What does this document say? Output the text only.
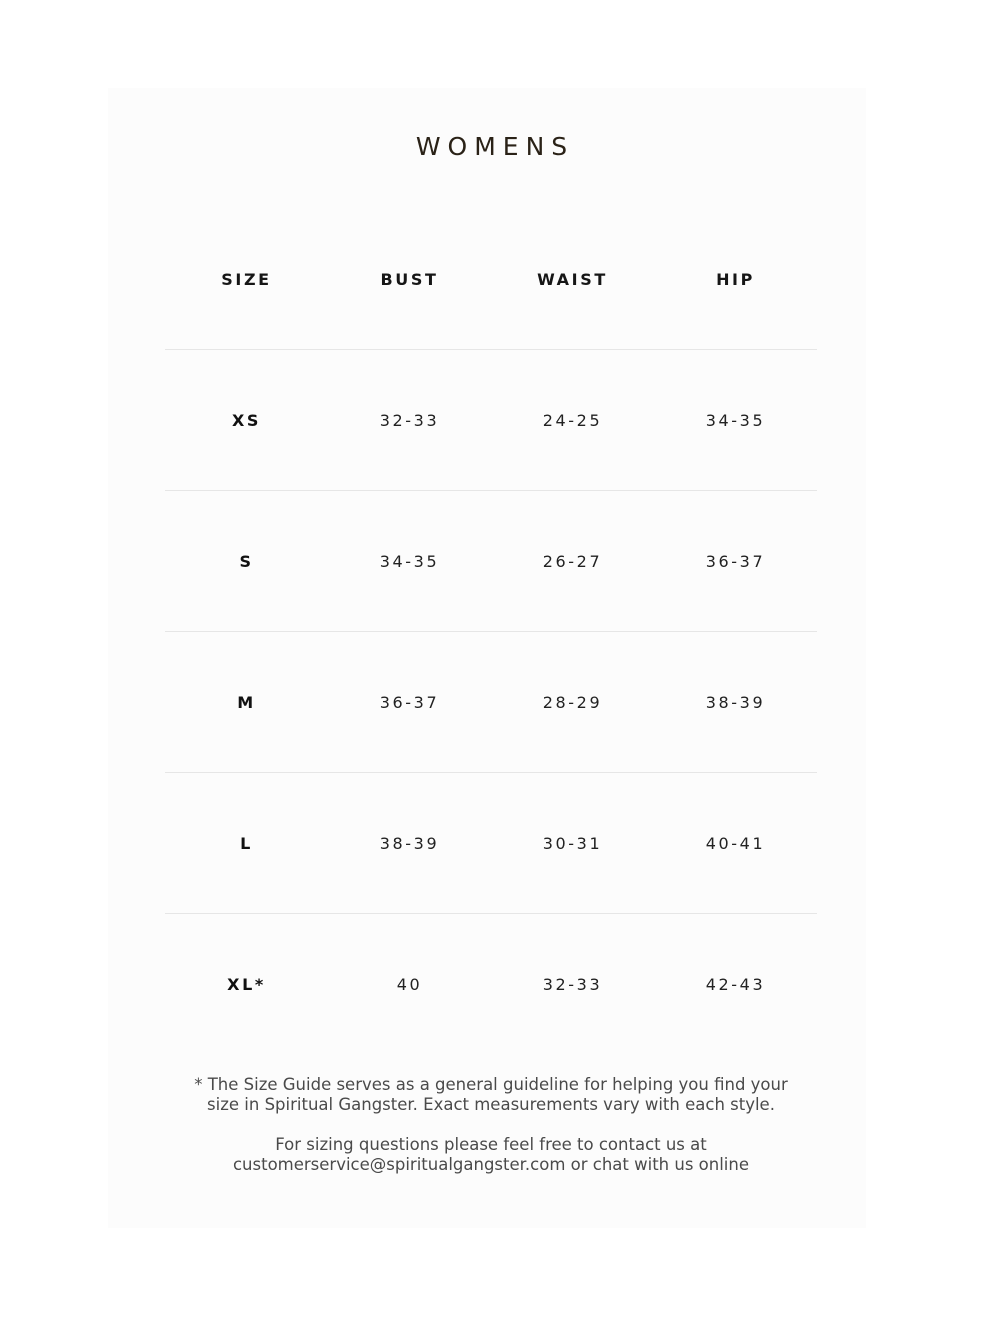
WOMENS
SIZE	BUST	WAIST	HIP
XS	32-33	24-25	34-35
S	34-35	26-27	36-37
M	36-37	28-29	38-39
L	38-39	30-31	40-41
XL*	40	32-33	42-43

* The Size Guide serves as a general guideline for helping you find your

size in Spiritual Gangster. Exact measurements vary with each style.

For sizing questions please feel free to contact us at

customerservice@spiritualgangster.com or chat with us online
